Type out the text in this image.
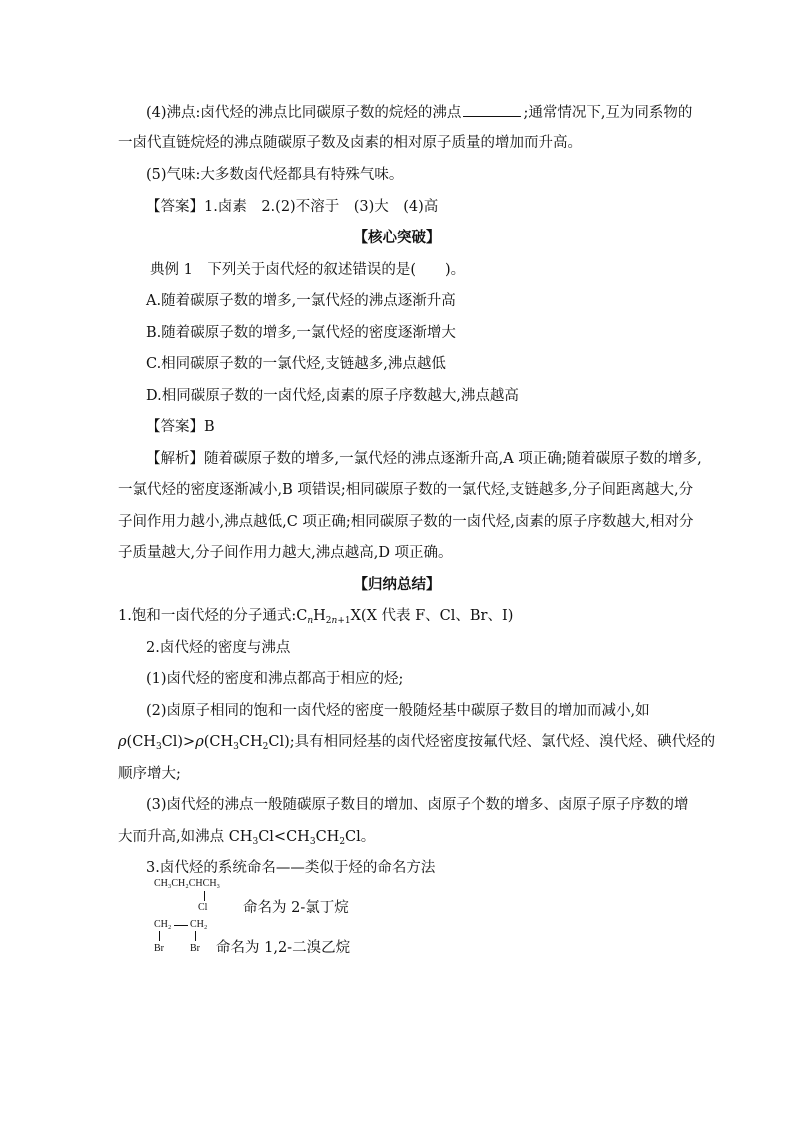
(4)沸点:卤代烃的沸点比同碳原子数的烷烃的沸点	;通常情况下,互为同系物的
一卤代直链烷烃的沸点随碳原子数及卤素的相对原子质量的增加而升高。
(5)气味:大多数卤代烃都具有特殊气味。
【答案】1.卤素　2.(2)不溶于　(3)大　(4)高
【核心突破】
典例 1　下列关于卤代烃的叙述错误的是(　　)。
A.随着碳原子数的增多,一氯代烃的沸点逐渐升高
B.随着碳原子数的增多,一氯代烃的密度逐渐增大
C.相同碳原子数的一氯代烃,支链越多,沸点越低
D.相同碳原子数的一卤代烃,卤素的原子序数越大,沸点越高
【答案】B
【解析】随着碳原子数的增多,一氯代烃的沸点逐渐升高,A 项正确;随着碳原子数的增多,
一氯代烃的密度逐渐减小,B 项错误;相同碳原子数的一氯代烃,支链越多,分子间距离越大,分
子间作用力越小,沸点越低,C 项正确;相同碳原子数的一卤代烃,卤素的原子序数越大,相对分
子质量越大,分子间作用力越大,沸点越高,D 项正确。
【归纳总结】
1.饱和一卤代烃的分子通式$:C_nH_{2n+1}X(X$ 代表 F、Cl、Br、I)
2.卤代烃的密度与沸点
(1)卤代烃的密度和沸点都高于相应的烃;
(2)卤原子相同的饱和一卤代烃的密度一般随烃基中碳原子数目的增加而减小,如
$\rho(CH_3Cl)>\rho(CH_3CH_2Cl)$;具有相同烃基的卤代烃密度按氟代烃、氯代烃、溴代烃、碘代烃的
顺序增大;
(3)卤代烃的沸点一般随碳原子数目的增加、卤原子个数的增多、卤原子原子序数的增
大而升高,如沸点 $CH_3Cl<CH_3CH_2Cl$。
3.卤代烃的系统命名——类似于烃的命名方法
CH₃CH₂CHCH₃
Cl 命名为 2-氯丁烷
CH₂ CH₂
Br	Br 命名为 1,2-二溴乙烷
